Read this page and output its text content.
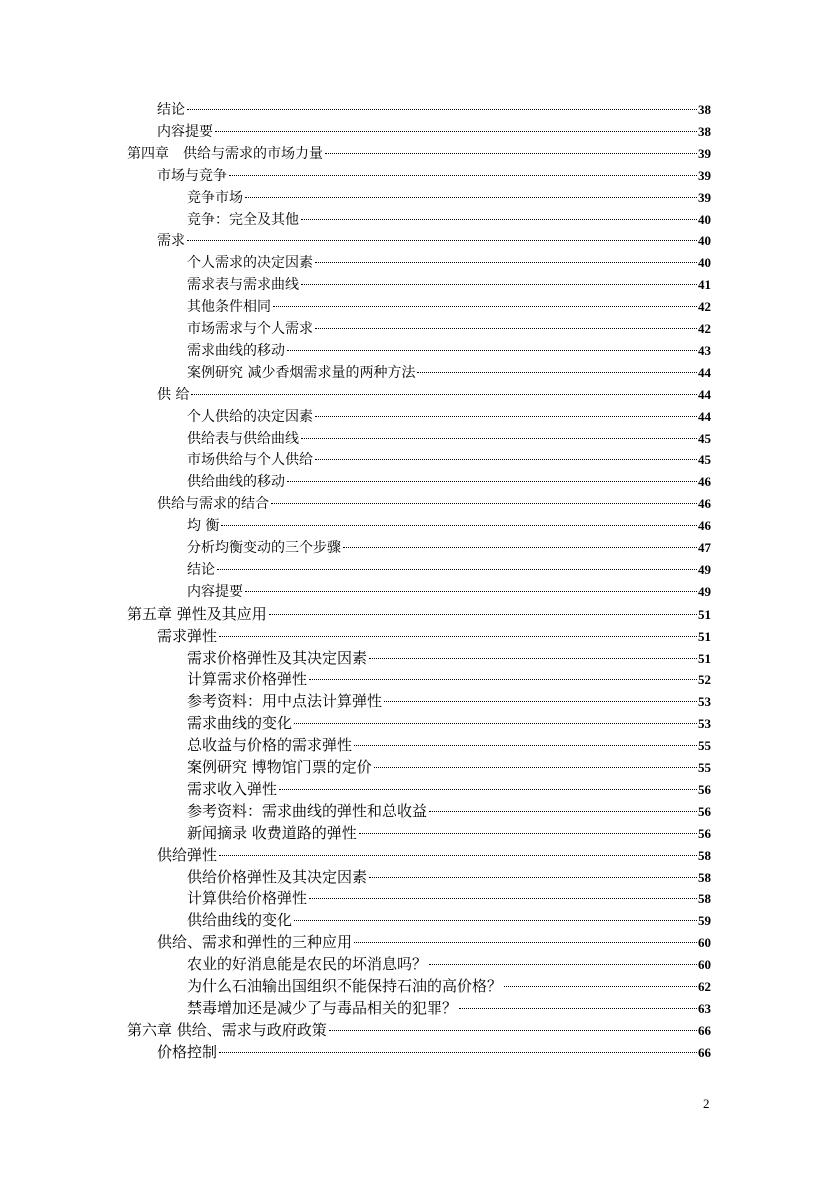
结论	38
内容提要	38
第四章　供给与需求的市场力量	39
市场与竞争	39
竞争市场	39
竞争：完全及其他	40
需求	40
个人需求的决定因素	40
需求表与需求曲线	41
其他条件相同	42
市场需求与个人需求	42
需求曲线的移动	43
案例研究 减少香烟需求量的两种方法	44
供 给	44
个人供给的决定因素	44
供给表与供给曲线	45
市场供给与个人供给	45
供给曲线的移动	46
供给与需求的结合	46
均 衡	46
分析均衡变动的三个步骤	47
结论	49
内容提要	49
第五章 弹性及其应用	51
需求弹性	51
需求价格弹性及其决定因素	51
计算需求价格弹性	52
参考资料：用中点法计算弹性	53
需求曲线的变化	53
总收益与价格的需求弹性	55
案例研究 博物馆门票的定价	55
需求收入弹性	56
参考资料：需求曲线的弹性和总收益	56
新闻摘录 收费道路的弹性	56
供给弹性	58
供给价格弹性及其决定因素	58
计算供给价格弹性	58
供给曲线的变化	59
供给、需求和弹性的三种应用	60
农业的好消息能是农民的坏消息吗？	60
为什么石油输出国组织不能保持石油的高价格？	62
禁毒增加还是减少了与毒品相关的犯罪？	63
第六章 供给、需求与政府政策	66
价格控制	66
2
